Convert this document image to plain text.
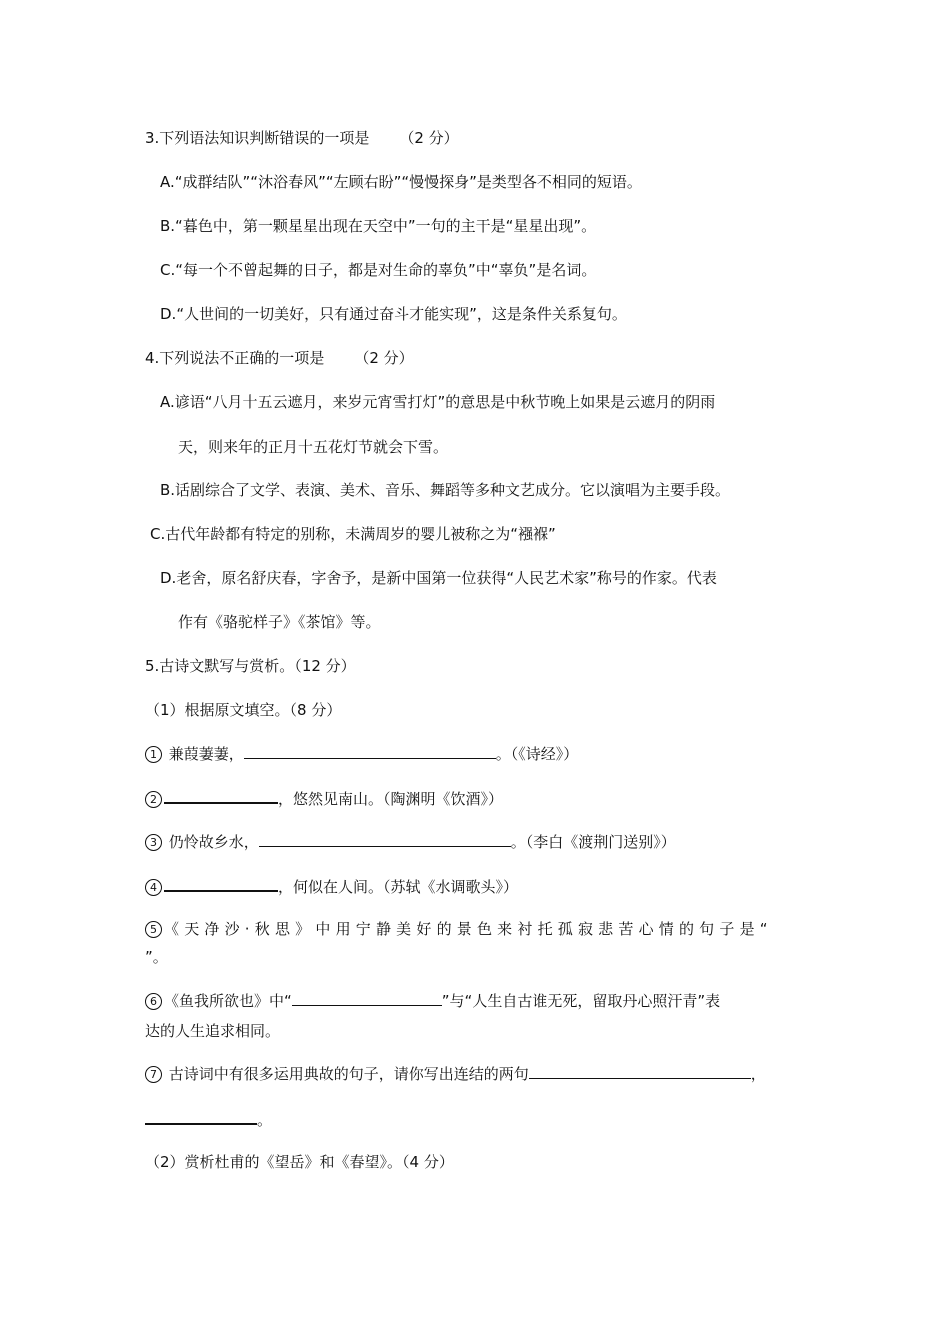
3.下列语法知识判断错误的一项是 （2 分）
A.“成群结队”“沐浴春风”“左顾右盼”“慢慢探身”是类型各不相同的短语。
B.“暮色中，第一颗星星出现在天空中”一句的主干是“星星出现”。
C.“每一个不曾起舞的日子，都是对生命的辜负”中“辜负”是名词。
D.“人世间的一切美好，只有通过奋斗才能实现”，这是条件关系复句。
4.下列说法不正确的一项是 （2 分）
A.谚语“八月十五云遮月，来岁元宵雪打灯”的意思是中秋节晚上如果是云遮月的阴雨
天，则来年的正月十五花灯节就会下雪。
B.话剧综合了文学、表演、美术、音乐、舞蹈等多种文艺成分。它以演唱为主要手段。
C.古代年龄都有特定的别称，未满周岁的婴儿被称之为“襁褓”
D.老舍，原名舒庆春，字舍予，是新中国第一位获得“人民艺术家”称号的作家。代表
作有《骆驼样子》《茶馆》等。
5.古诗文默写与赏析。（12 分）
（1）根据原文填空。（8 分）
1 兼葭萋萋，	。（《诗经》）
2	，悠然见南山。（陶渊明《饮酒》）
3 仍怜故乡水，	。（李白《渡荆门送别》）
4	，何似在人间。（苏轼《水调歌头》）
5 《天净沙·秋思》中用宁静美好的景色来衬托孤寂悲苦心情的句子是“
”。
6 《鱼我所欲也》中“	”与“人生自古谁无死，留取丹心照汗青”表
达的人生追求相同。
7 古诗词中有很多运用典故的句子，请你写出连结的两句	，
。
（2）赏析杜甫的《望岳》和《春望》。（4 分）
